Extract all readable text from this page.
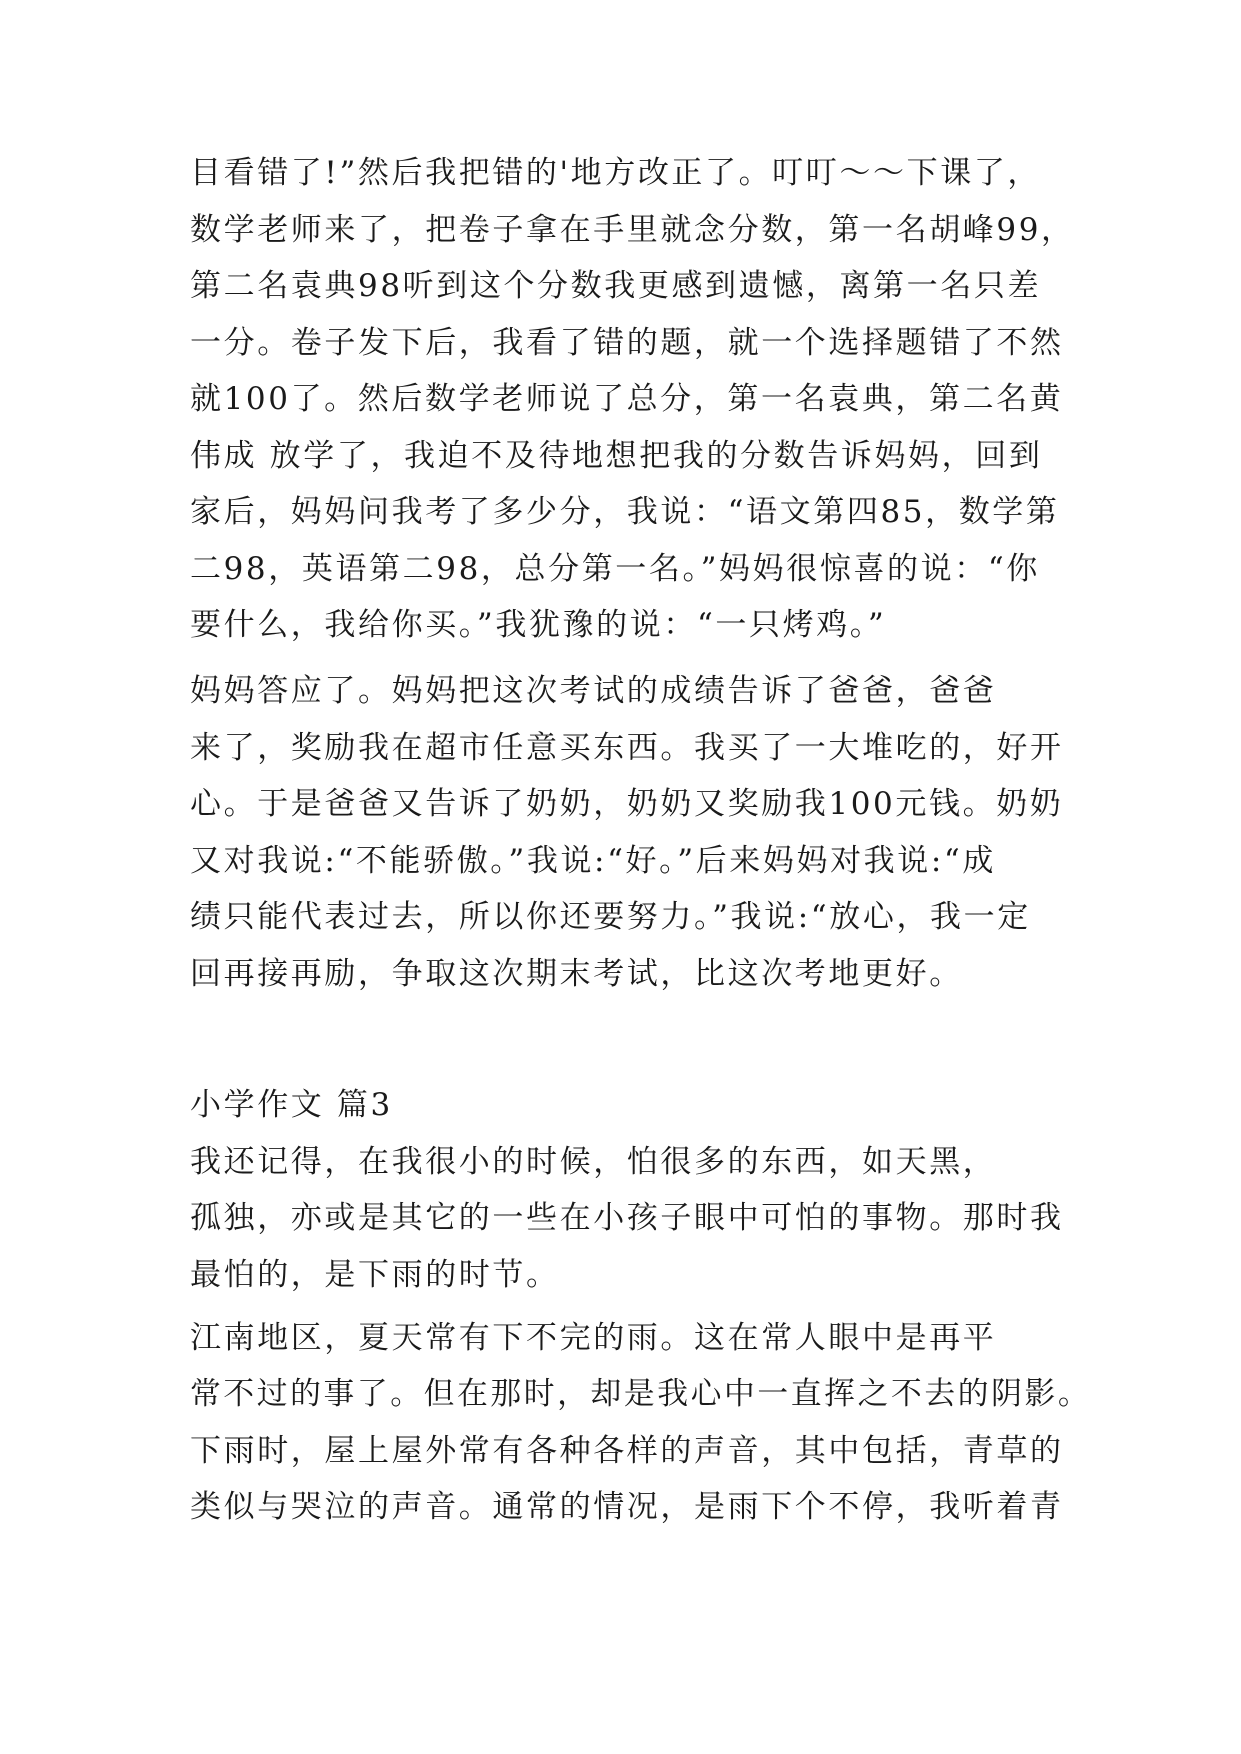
目看错了!”然后我把错的'地方改正了。叮叮～～下课了，
数学老师来了，把卷子拿在手里就念分数，第一名胡峰99，
第二名袁典98听到这个分数我更感到遗憾，离第一名只差
一分。卷子发下后，我看了错的题，就一个选择题错了不然
就100了。然后数学老师说了总分，第一名袁典，第二名黄
伟成 放学了，我迫不及待地想把我的分数告诉妈妈，回到
家后，妈妈问我考了多少分，我说：“语文第四85，数学第
二98，英语第二98，总分第一名。”妈妈很惊喜的说：“你
要什么，我给你买。”我犹豫的说：“一只烤鸡。”
妈妈答应了。妈妈把这次考试的成绩告诉了爸爸，爸爸
来了，奖励我在超市任意买东西。我买了一大堆吃的，好开
心。于是爸爸又告诉了奶奶，奶奶又奖励我100元钱。奶奶
又对我说:“不能骄傲。”我说:“好。”后来妈妈对我说:“成
绩只能代表过去，所以你还要努力。”我说:“放心，我一定
回再接再励，争取这次期末考试，比这次考地更好。
小学作文 篇3
我还记得，在我很小的时候，怕很多的东西，如天黑，
孤独，亦或是其它的一些在小孩子眼中可怕的事物。那时我
最怕的，是下雨的时节。
江南地区，夏天常有下不完的雨。这在常人眼中是再平
常不过的事了。但在那时，却是我心中一直挥之不去的阴影。
下雨时，屋上屋外常有各种各样的声音，其中包括，青草的
类似与哭泣的声音。通常的情况，是雨下个不停，我听着青
